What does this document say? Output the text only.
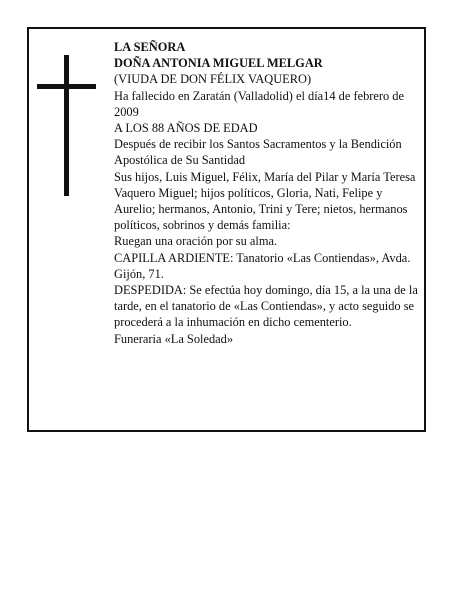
LA SEÑORA

DOÑA ANTONIA MIGUEL MELGAR

(VIUDA DE DON FÉLIX VAQUERO)

Ha fallecido en Zaratán (Valladolid) el día14 de febrero de 2009

A LOS 88 AÑOS DE EDAD

Después de recibir los Santos Sacramentos y la Bendición Apostólica de Su Santidad

Sus hijos, Luis Miguel, Félix, María del Pilar y María Teresa Vaquero Miguel; hijos políticos, Gloria, Nati, Felipe y Aurelio; hermanos, Antonio, Trini y Tere; nietos, hermanos políticos, sobrinos y demás familia:

Ruegan una oración por su alma.

CAPILLA ARDIENTE: Tanatorio «Las Contiendas», Avda. Gijón, 71.

DESPEDIDA: Se efectúa hoy domingo, día 15, a la una de la tarde, en el tanatorio de «Las Contiendas», y acto seguido se procederá a la inhumación en dicho cementerio.

Funeraria «La Soledad»
